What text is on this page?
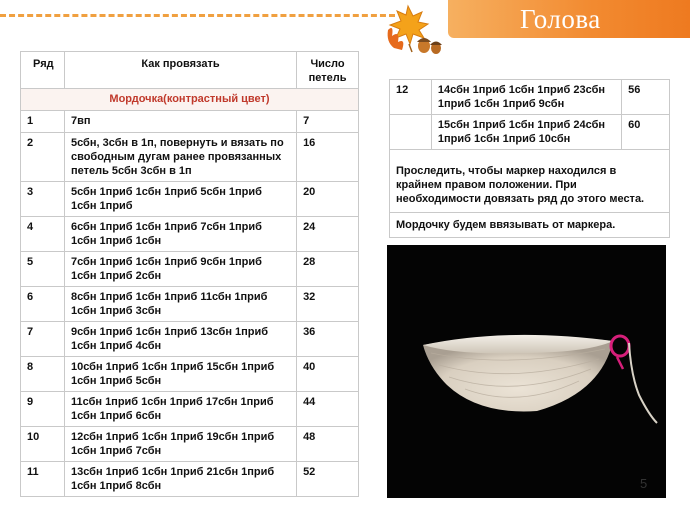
Голова
Ряд	Как провязать	Число петель
Мордочка(контрастный цвет)		
1	7вп	7
2	5сбн, 3сбн в 1п, повернуть и вязать по свободным дугам ранее провязанных петель 5сбн 3сбн в 1п	16
3	5сбн 1приб 1сбн 1приб 5сбн 1приб 1сбн 1приб	20
4	6сбн 1приб 1сбн 1приб 7сбн 1приб 1сбн 1приб 1сбн	24
5	7сбн 1приб 1сбн 1приб 9сбн 1приб 1сбн 1приб 2сбн	28
6	8сбн 1приб 1сбн 1приб 11сбн 1приб 1сбн 1приб 3сбн	32
7	9сбн 1приб 1сбн 1приб 13сбн 1приб 1сбн 1приб 4сбн	36
8	10сбн 1приб 1сбн 1приб 15сбн 1приб 1сбн 1приб 5сбн	40
9	11сбн 1приб 1сбн 1приб 17сбн 1приб 1сбн 1приб 6сбн	44
10	12сбн 1приб 1сбн 1приб 19сбн 1приб 1сбн 1приб 7сбн	48
11	13сбн 1приб 1сбн 1приб 21сбн 1приб 1сбн 1приб 8сбн	52
12	14сбн 1приб 1сбн 1приб 23сбн 1приб 1сбн 1приб 9сбн	56
	15сбн 1приб 1сбн 1приб 24сбн 1приб 1сбн 1приб 10сбн	60
Проследить, чтобы маркер находился в крайнем правом положении. При необходимости довязать ряд до этого места.		
Мордочку будем ввязывать от маркера.		
5
